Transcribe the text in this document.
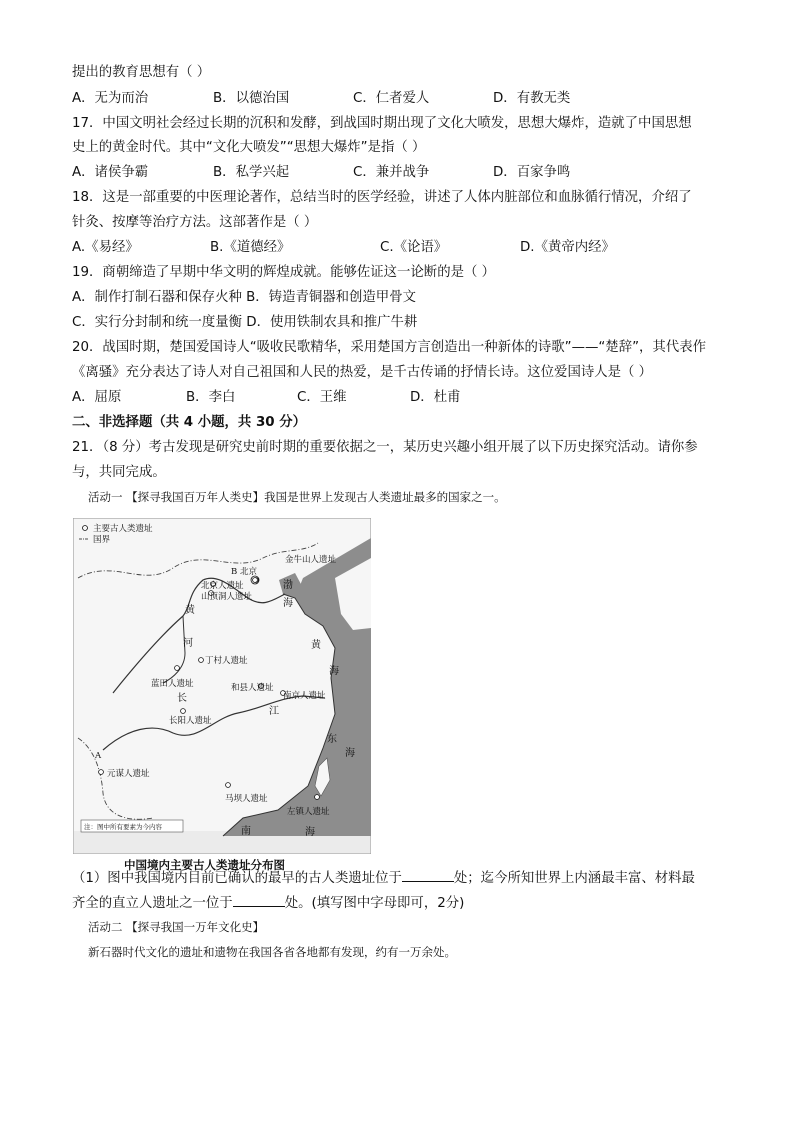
提出的教育思想有（ ）
A．无为而治	B．以德治国	C．仁者爱人	D．有教无类
17．中国文明社会经过长期的沉积和发酵，到战国时期出现了文化大喷发，思想大爆炸，造就了中国思想
史上的黄金时代。其中“文化大喷发”“思想大爆炸”是指（ ）
A．诸侯争霸	B．私学兴起	C．兼并战争	D．百家争鸣
18．这是一部重要的中医理论著作，总结当时的医学经验，讲述了人体内脏部位和血脉循行情况，介绍了
针灸、按摩等治疗方法。这部著作是（ ）
A.《易经》	B.《道德经》	C.《论语》	D.《黄帝内经》
19．商朝缔造了早期中华文明的辉煌成就。能够佐证这一论断的是（ ）
A．制作打制石器和保存火种 B．铸造青铜器和创造甲骨文
C．实行分封制和统一度量衡 D．使用铁制农具和推广牛耕
20．战国时期，楚国爱国诗人“吸收民歌精华，采用楚国方言创造出一种新体的诗歌”——“楚辞”，其代表作
《离骚》充分表达了诗人对自己祖国和人民的热爱，是千古传诵的抒情长诗。这位爱国诗人是（ ）
A．屈原	B．李白	C．王维	D．杜甫
二、非选择题（共 4 小题，共 30 分）
21．（8 分）考古发现是研究史前时期的重要依据之一，某历史兴趣小组开展了以下历史探究活动。请你参
与，共同完成。
活动一 【探寻我国百万年人类史】我国是世界上发现古人类遗址最多的国家之一。
主要古人类遗址
国界
金牛山人遗址
B 北京
北京人遗址
山顶洞人遗址
丁村人遗址
蓝田人遗址	和县人遗址
南京人遗址
长阳人遗址
A
元谋人遗址
马坝人遗址
左镇人遗址
黄
河
长
江
渤
海
黄
海
东
海
南	海
注：图中所有要素为今内容
中国境内主要古人类遗址分布图
（1）图中我国境内目前已确认的最早的古人类遗址位于	处；迄今所知世界上内涵最丰富、材料最
齐全的直立人遗址之一位于	处。(填写图中字母即可，2分)
活动二 【探寻我国一万年文化史】
新石器时代文化的遗址和遗物在我国各省各地都有发现，约有一万余处。
